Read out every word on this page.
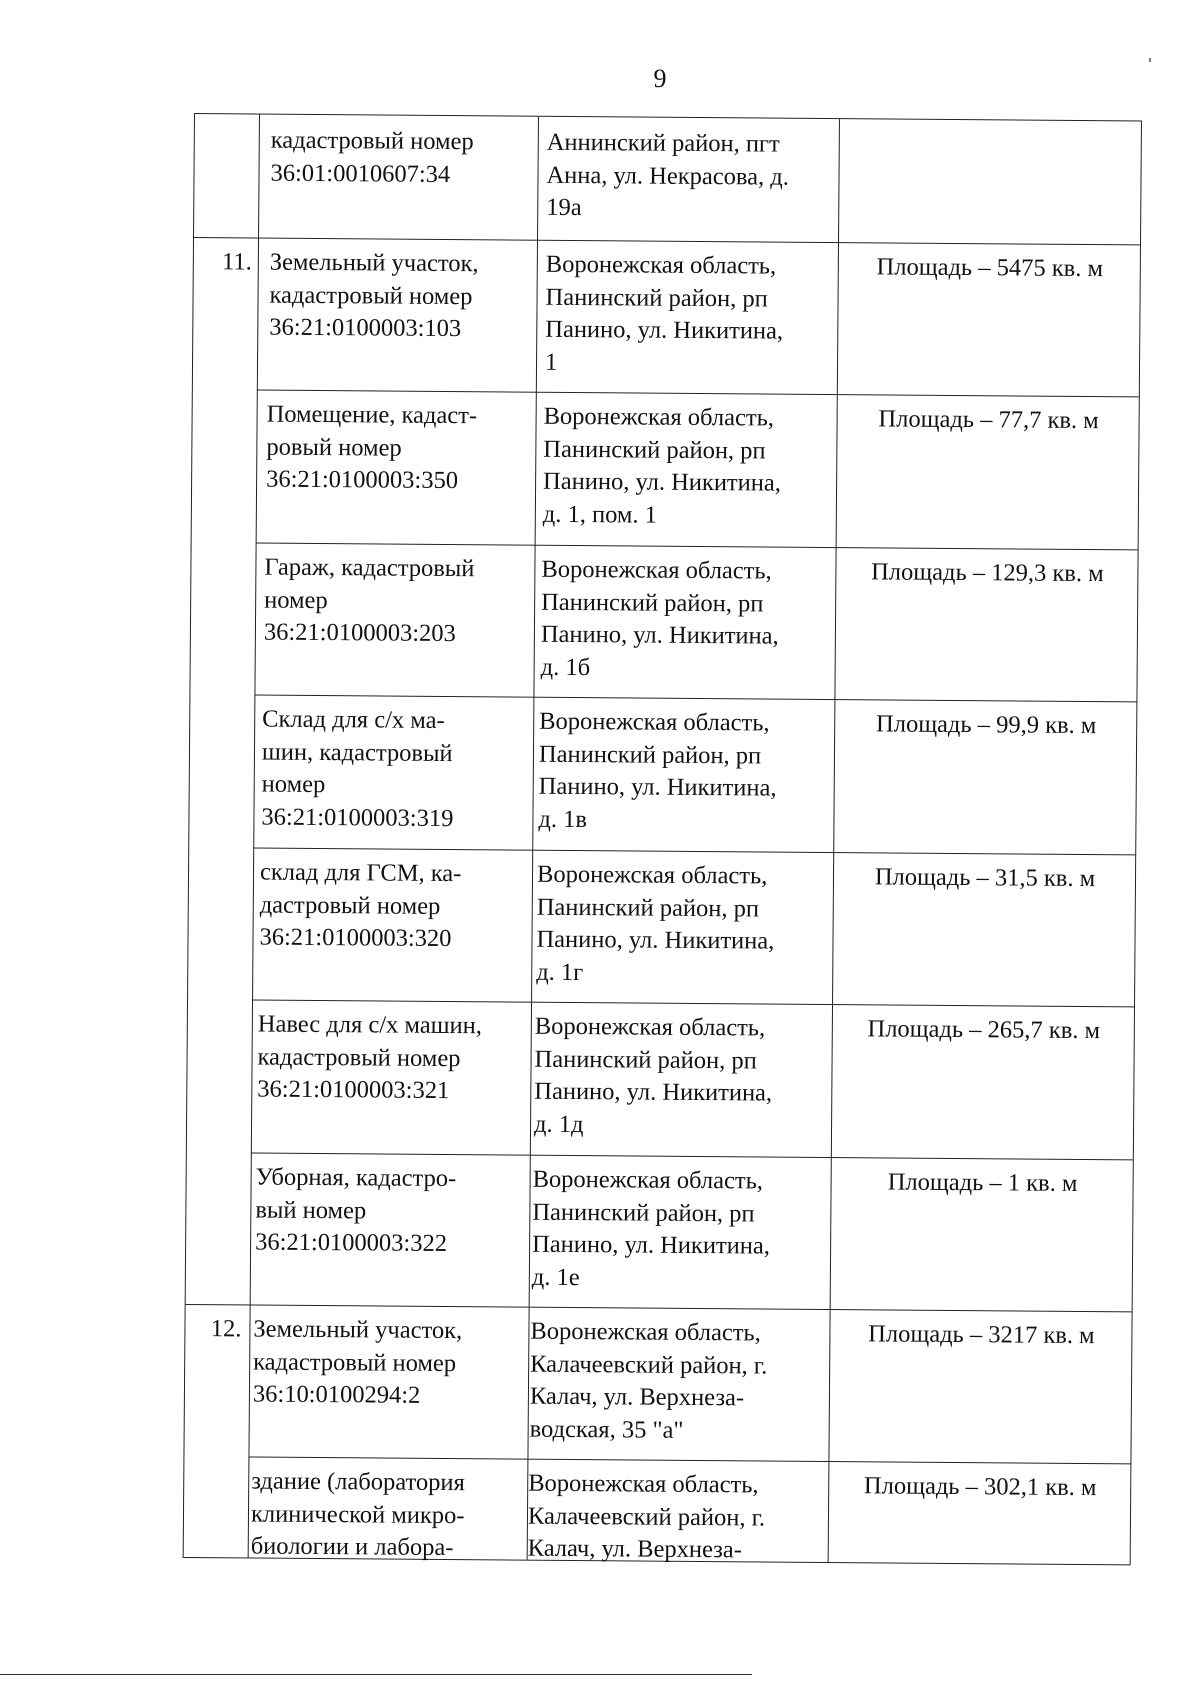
9
кадастровый номер
36:01:0010607:34
Аннинский район, пгт
Анна, ул. Некрасова, д.
19а
11. Земельный участок,
кадастровый номер
36:21:0100003:103
Воронежская область,
Панинский район, рп
Панино, ул. Никитина,
1
Площадь – 5475 кв. м
Помещение, кадаст-
ровый номер
36:21:0100003:350
Воронежская область,
Панинский район, рп
Панино, ул. Никитина,
д. 1, пом. 1
Площадь – 77,7 кв. м
Гараж, кадастровый
номер
36:21:0100003:203
Воронежская область,
Панинский район, рп
Панино, ул. Никитина,
д. 1б
Площадь – 129,3 кв. м
Склад для с/х ма-
шин, кадастровый
номер
36:21:0100003:319
Воронежская область,
Панинский район, рп
Панино, ул. Никитина,
д. 1в
Площадь – 99,9 кв. м
склад для ГСМ, ка-
дастровый номер
36:21:0100003:320
Воронежская область,
Панинский район, рп
Панино, ул. Никитина,
д. 1г
Площадь – 31,5 кв. м
Навес для с/х машин,
кадастровый номер
36:21:0100003:321
Воронежская область,
Панинский район, рп
Панино, ул. Никитина,
д. 1д
Площадь – 265,7 кв. м
Уборная, кадастро-
вый номер
36:21:0100003:322
Воронежская область,
Панинский район, рп
Панино, ул. Никитина,
д. 1е
Площадь – 1 кв. м
12. Земельный участок,
кадастровый номер
36:10:0100294:2
Воронежская область,
Калачеевский район, г.
Калач, ул. Верхнеза-
водская, 35 "а"
Площадь – 3217 кв. м
здание (лаборатория
клинической микро-
биологии и лабора-
Воронежская область,
Калачеевский район, г.
Калач, ул. Верхнеза-
Площадь – 302,1 кв. м
